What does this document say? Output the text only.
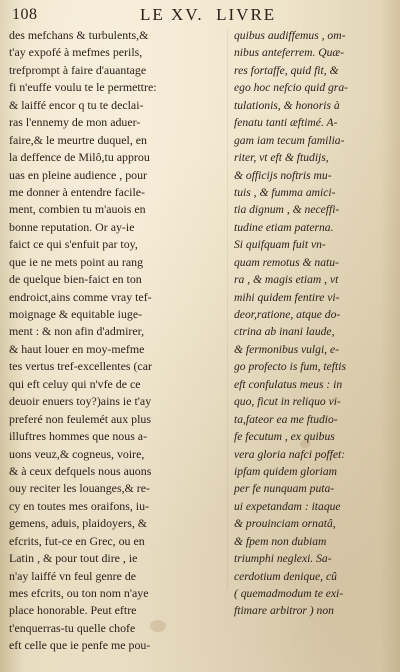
108	LE XV.  LIVRE
des mefchans & turbulents,&
t'ay expofé à mefmes perils,
trefprompt à faire d'auantage
fi n'euffe voulu te le permettre:
& laiffé encor q tu te declai-
ras l'ennemy de mon aduer-
faire,& le meurtre duquel, en
la deffence de Milô,tu approu
uas en pleine audience , pour
me donner à entendre facile-
ment, combien tu m'auois en
bonne reputation. Or ay-ie
faict ce qui s'enfuit par toy,
que ie ne mets point au rang
de quelque bien-faict en ton
endroict,ains comme vray tef-
moignage & equitable iuge-
ment : & non afin d'admirer,
& haut louer en moy-mefme
tes vertus tref-excellentes (car
qui eft celuy qui n'vfe de ce
deuoir enuers toy?)ains ie t'ay
preferé non feulemét aux plus
illuftres hommes que nous a-
uons veuz,& cogneus, voire,
& à ceux defquels nous auons
ouy reciter les louanges,& re-
cy en toutes mes oraifons, iu-
gemens, aduis, plaidoyers, &
efcrits, fut-ce en Grec, ou en
Latin , & pour tout dire , ie
n'ay laiffé vn feul genre de
mes efcrits, ou ton nom n'aye
place honorable. Peut eftre
t'enquerras-tu quelle chofe
eft celle que ie penfe me pou-
quibus audiffemus , om-
nibus anteferrem. Quæ-
res fortaffe, quid fit, &
ego hoc nefcio quid gra-
tulationis, & honoris à
fenatu tanti æftimé. A-
gam iam tecum familia-
riter, vt eft & ftudijs,
& officijs noftris mu-
tuis , & fumma amici-
tia dignum , & neceffi-
tudine etiam paterna.
Si quifquam fuit vn-
quam remotus & natu-
ra , & magis etiam , vt
mihi quidem fentire vi-
deor,ratione, atque do-
ctrina ab inani laude,
& fermonibus vulgi, e-
go profecto is fum, teftis
eft confulatus meus : in
quo, ficut in reliquo vi-
ta,fateor ea me ftudio-
fe fecutum , ex quibus
vera gloria nafci poffet:
ipfam quidem gloriam
per fe nunquam puta-
ui expetandam : itaque
& prouinciam ornatâ,
& fpem non dubiam
triumphi neglexi. Sa-
cerdotium denique, cû
( quemadmodum te exi-
ftimare arbitror ) non
